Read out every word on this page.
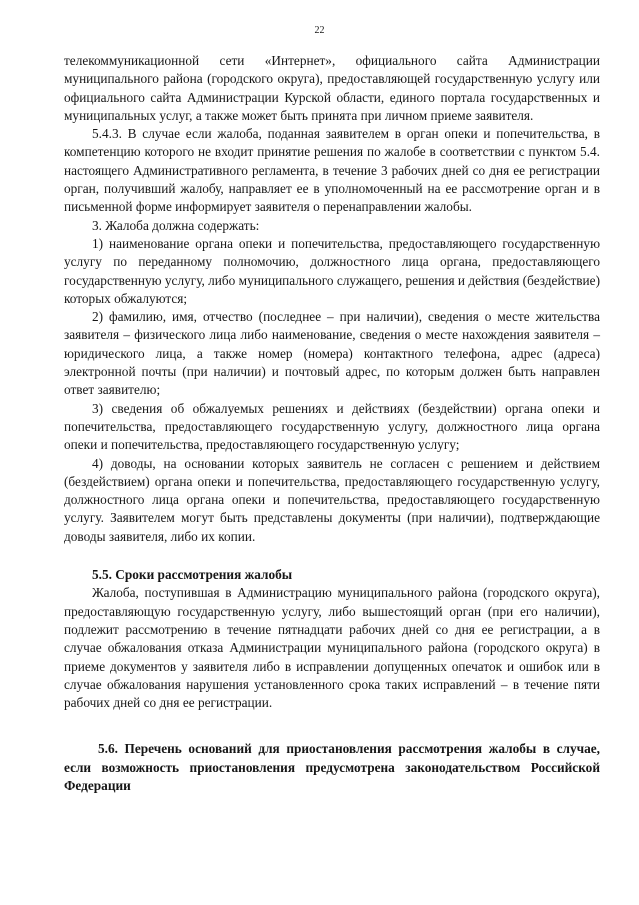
22

телекоммуникационной сети «Интернет», официального сайта Администрации муниципального района (городского округа), предоставляющей государственную услугу или официального сайта Администрации Курской области, единого портала государственных и муниципальных услуг, а также может быть принята при личном приеме заявителя.

5.4.3. В случае если жалоба, поданная заявителем в орган опеки и попечительства, в компетенцию которого не входит принятие решения по жалобе в соответствии с пунктом 5.4. настоящего Административного регламента, в течение 3 рабочих дней со дня ее регистрации орган, получивший жалобу, направляет ее в уполномоченный на ее рассмотрение орган и в письменной форме информирует заявителя о перенаправлении жалобы.

3. Жалоба должна содержать:

1) наименование органа опеки и попечительства, предоставляющего государственную услугу по переданному полномочию, должностного лица органа, предоставляющего государственную услугу, либо муниципального служащего, решения и действия (бездействие) которых обжалуются;

2) фамилию, имя, отчество (последнее – при наличии), сведения о месте жительства заявителя – физического лица либо наименование, сведения о месте нахождения заявителя – юридического лица, а также номер (номера) контактного телефона, адрес (адреса) электронной почты (при наличии) и почтовый адрес, по которым должен быть направлен ответ заявителю;

3) сведения об обжалуемых решениях и действиях (бездействии) органа опеки и попечительства, предоставляющего государственную услугу, должностного лица органа опеки и попечительства, предоставляющего государственную услугу;

4) доводы, на основании которых заявитель не согласен с решением и действием (бездействием) органа опеки и попечительства, предоставляющего государственную услугу, должностного лица органа опеки и попечительства, предоставляющего государственную услугу. Заявителем могут быть представлены документы (при наличии), подтверждающие доводы заявителя, либо их копии.

5.5. Сроки рассмотрения жалобы

Жалоба, поступившая в Администрацию муниципального района (городского округа), предоставляющую государственную услугу, либо вышестоящий орган (при его наличии), подлежит рассмотрению в течение пятнадцати рабочих дней со дня ее регистрации, а в случае обжалования отказа Администрации муниципального района (городского округа) в приеме документов у заявителя либо в исправлении допущенных опечаток и ошибок или в случае обжалования нарушения установленного срока таких исправлений – в течение пяти рабочих дней со дня ее регистрации.

5.6. Перечень оснований для приостановления рассмотрения жалобы в случае, если возможность приостановления предусмотрена законодательством Российской Федерации
